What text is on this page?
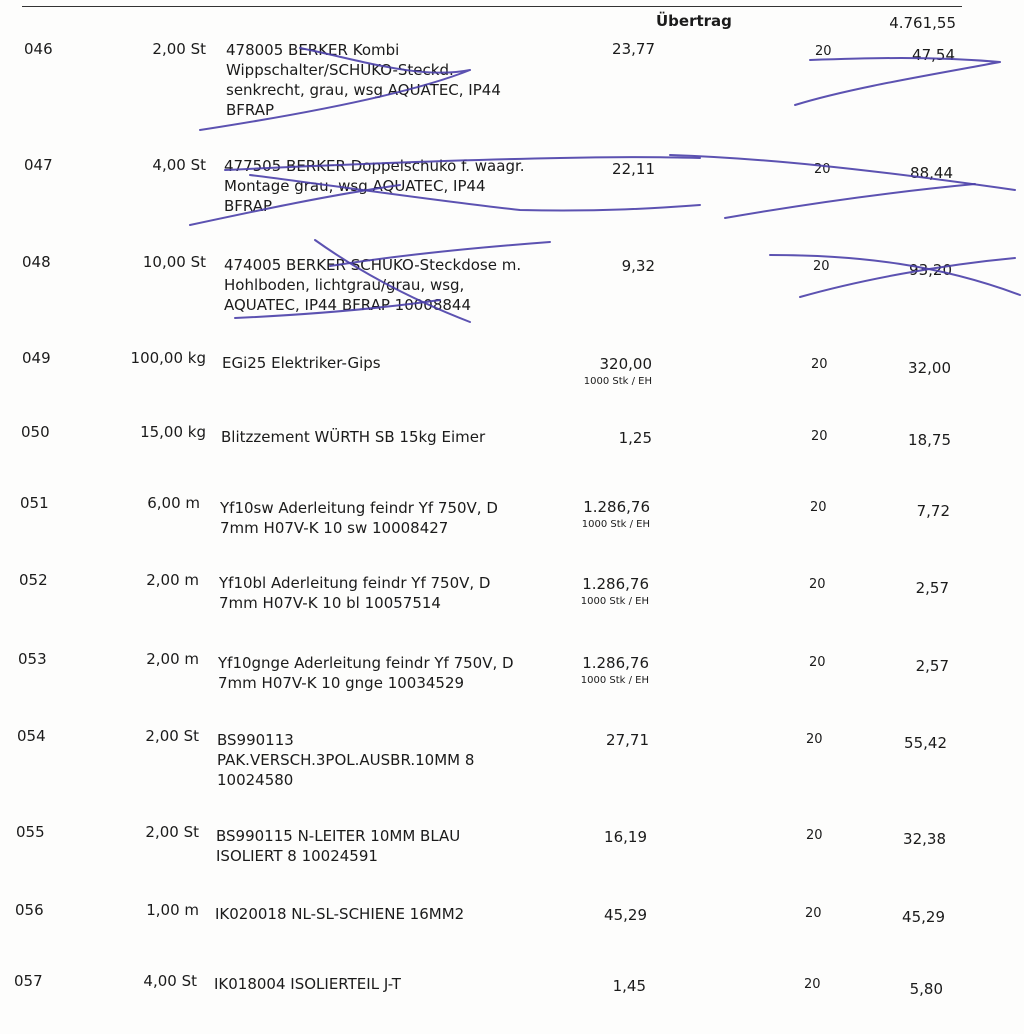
Übertrag	4.761,55
046	2,00 St 478005 BERKER Kombi
Wippschalter/SCHUKO-Steckd.
senkrecht, grau, wsg AQUATEC, IP44
BFRAP
23,77	20	47,54
047	4,00 St 477505 BERKER Doppelschuko f. waagr.
Montage grau, wsg AQUATEC, IP44
BFRAP
22,11	20	88,44
048	10,00 St 474005 BERKER SCHUKO-Steckdose m.
Hohlboden, lichtgrau/grau, wsg,
AQUATEC, IP44 BFRAP 10008844
9,32	20	93,20
049	100,00 kg EGi25 Elektriker-Gips	320,00
1000 Stk / EH
20	32,00
050	15,00 kg Blitzzement WÜRTH SB 15kg Eimer	1,25	20	18,75
051	6,00 m Yf10sw Aderleitung feindr Yf 750V, D
7mm H07V-K 10 sw 10008427
1.286,76
1000 Stk / EH
20	7,72
052	2,00 m Yf10bl Aderleitung feindr Yf 750V, D
7mm H07V-K 10 bl 10057514
1.286,76
1000 Stk / EH
20	2,57
053	2,00 m Yf10gnge Aderleitung feindr Yf 750V, D
7mm H07V-K 10 gnge 10034529
1.286,76
1000 Stk / EH
20	2,57
054	2,00 St BS990113
PAK.VERSCH.3POL.AUSBR.10MM 8
10024580
27,71	20	55,42
055	2,00 St BS990115 N-LEITER 10MM BLAU
ISOLIERT 8 10024591
16,19	20	32,38
056	1,00 m IK020018 NL-SL-SCHIENE 16MM2	45,29	20	45,29
057	4,00 St IK018004 ISOLIERTEIL J-T	1,45	20	5,80
